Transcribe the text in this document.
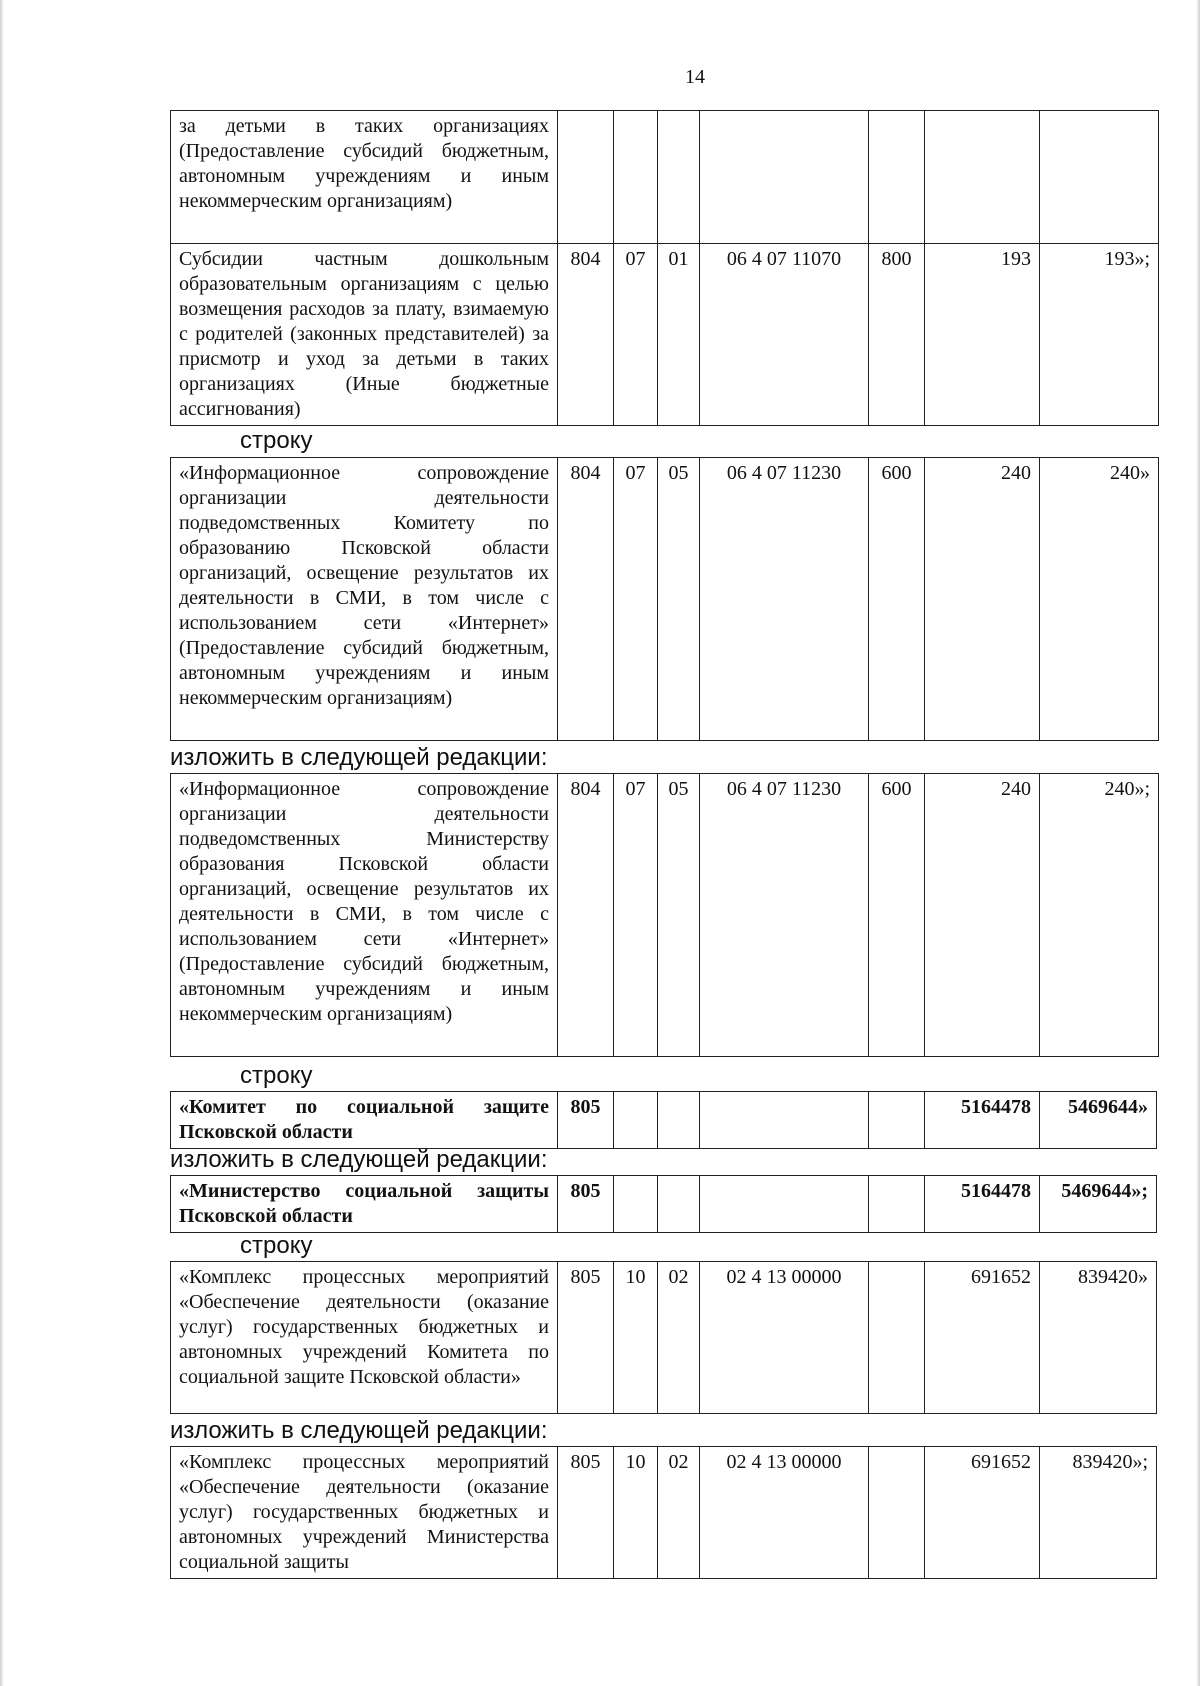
14
за детьми в таких организациях (Предоставление субсидий бюджетным, автономным учреждениям и иным некоммерческим организациям)							
Субсидии частным дошкольным образовательным организациям с целью возмещения расходов за плату, взимаемую с родителей (законных представителей) за присмотр и уход за детьми в таких организациях (Иные бюджетные ассигнования)	804	07	01	06 4 07 11070	800	193	193»;
строку
«Информационное сопровождение организации деятельности подведомственных Комитету по образованию Псковской области организаций, освещение результатов их деятельности в СМИ, в том числе с использованием сети «Интернет» (Предоставление субсидий бюджетным, автономным учреждениям и иным некоммерческим организациям)	804	07	05	06 4 07 11230	600	240	240»
изложить в следующей редакции:
«Информационное сопровождение организации деятельности подведомственных Министерству образования Псковской области организаций, освещение результатов их деятельности в СМИ, в том числе с использованием сети «Интернет» (Предоставление субсидий бюджетным, автономным учреждениям и иным некоммерческим организациям)	804	07	05	06 4 07 11230	600	240	240»;
строку
«Комитет по социальной защите Псковской области	805					5164478	5469644»
изложить в следующей редакции:
«Министерство социальной защиты Псковской области	805					5164478	5469644»;
строку
«Комплекс процессных мероприятий «Обеспечение деятельности (оказание услуг) государственных бюджетных и автономных учреждений Комитета по социальной защите Псковской области»	805	10	02	02 4 13 00000		691652	839420»
изложить в следующей редакции:
«Комплекс процессных мероприятий «Обеспечение деятельности (оказание услуг) государственных бюджетных и автономных учреждений Министерства социальной защиты	805	10	02	02 4 13 00000		691652	839420»;
